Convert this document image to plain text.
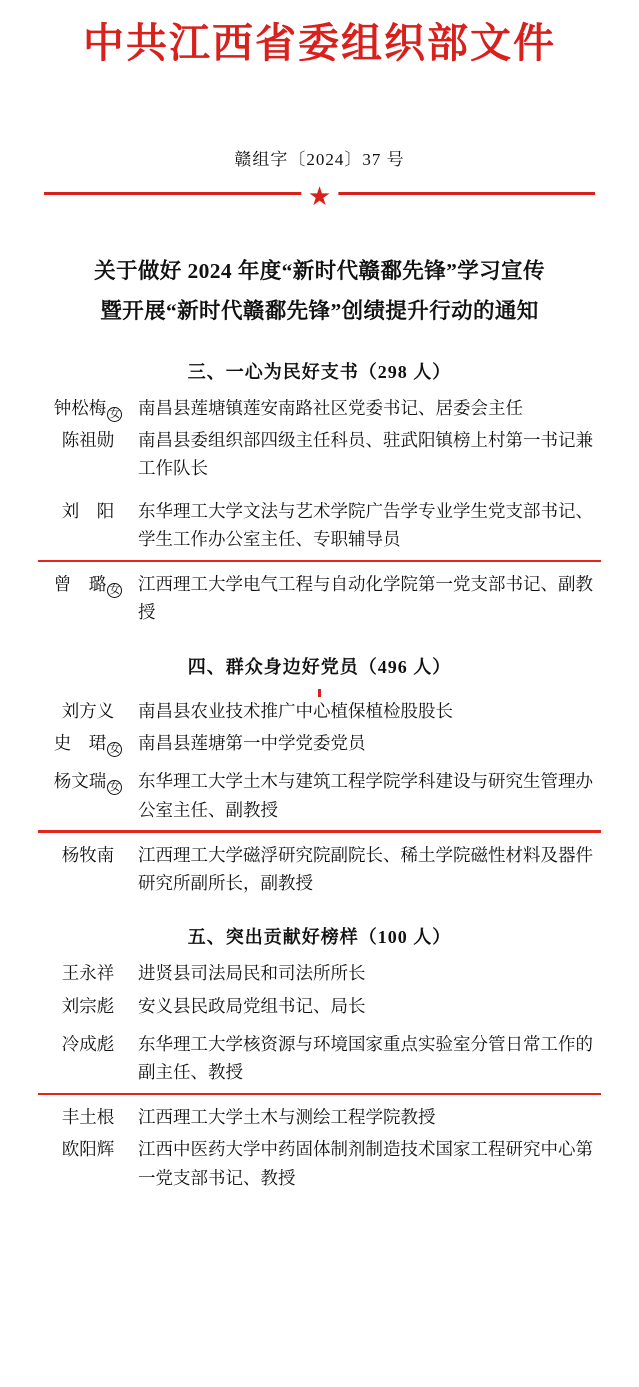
中共江西省委组织部文件
赣组字〔2024〕37 号
★
关于做好 2024 年度“新时代赣鄱先锋”学习宣传
暨开展“新时代赣鄱先锋”创绩提升行动的通知
三、一心为民好支书（298 人）
钟松梅 女	南昌县莲塘镇莲安南路社区党委书记、居委会主任
陈祖勋	南昌县委组织部四级主任科员、驻武阳镇榜上村第一书记兼工作队长
刘　阳	东华理工大学文法与艺术学院广告学专业学生党支部书记、学生工作办公室主任、专职辅导员
曾　璐 女	江西理工大学电气工程与自动化学院第一党支部书记、副教授
四、群众身边好党员（496 人）
刘方义	南昌县农业技术推广中心植保植检股股长
史　珺 女	南昌县莲塘第一中学党委党员
杨文瑞 女	东华理工大学土木与建筑工程学院学科建设与研究生管理办公室主任、副教授
杨牧南	江西理工大学磁浮研究院副院长、稀土学院磁性材料及器件研究所副所长，副教授
五、突出贡献好榜样（100 人）
王永祥	进贤县司法局民和司法所所长
刘宗彪	安义县民政局党组书记、局长
冷成彪	东华理工大学核资源与环境国家重点实验室分管日常工作的副主任、教授
丰土根	江西理工大学土木与测绘工程学院教授
欧阳辉	江西中医药大学中药固体制剂制造技术国家工程研究中心第一党支部书记、教授
